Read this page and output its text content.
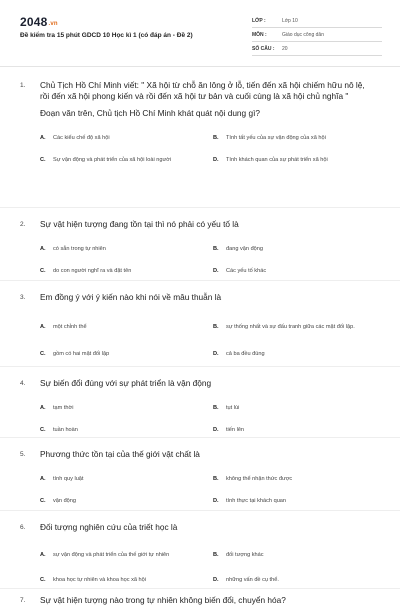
2048.vn
Đề kiểm tra 15 phút GDCD 10 Học kì 1 (có đáp án - Đề 2)
LỚP :	Lớp 10
MÔN :	Giáo dục công dân
SỐ CÂU :	20
1.	Chủ Tịch Hồ Chí Minh viết: " Xã hội từ chỗ ăn lông ở lỗ, tiến đến xã hội chiếm hữu nô lệ, rồi đến xã hội phong kiến và rồi đến xã hội tư bản và cuối cùng là xã hội chủ nghĩa "
Đoạn văn trên, Chủ tịch Hồ Chí Minh khát quát nội dung gì?
A.	Các kiểu chế độ xã hội	B.	Tính tất yếu của sự vận động của xã hội
C.	Sự vận động và phát triển của xã hội loài người	D.	Tính khách quan của sự phát triển xã hội
2.	Sự vật hiện tượng đang tồn tại thì nó phải có yếu tố là
A.	có sẵn trong tự nhiên	B.	đang vận động
C.	do con người nghĩ ra và đặt tên	D.	Các yếu tố khác
3.	Em đồng ý với ý kiến nào khi nói về mâu thuẫn là
A.	một chỉnh thể	B.	sự thống nhất và sự đấu tranh giữa các mặt đối lập.
C.	gồm có hai mặt đối lập	D.	cả ba đều đúng
4.	Sự biến đổi đúng với sự phát triển là vận động
A.	tạm thời	B.	tụt lùi
C.	tuần hoàn	D.	tiến lên
5.	Phương thức tồn tại của thế giới vật chất là
A.	tính quy luật	B.	không thể nhận thức được
C.	vận động	D.	tính thực tại khách quan
6.	Đối tượng nghiên cứu của triết học là
A.	sự vận động và phát triển của thế giới tự nhiên	B.	đối tượng khác
C.	khoa học tự nhiên và khoa học xã hội	D.	những vấn đề cụ thể.
7.	Sự vật hiện tượng nào trong tự nhiên không biến đổi, chuyển hóa?
